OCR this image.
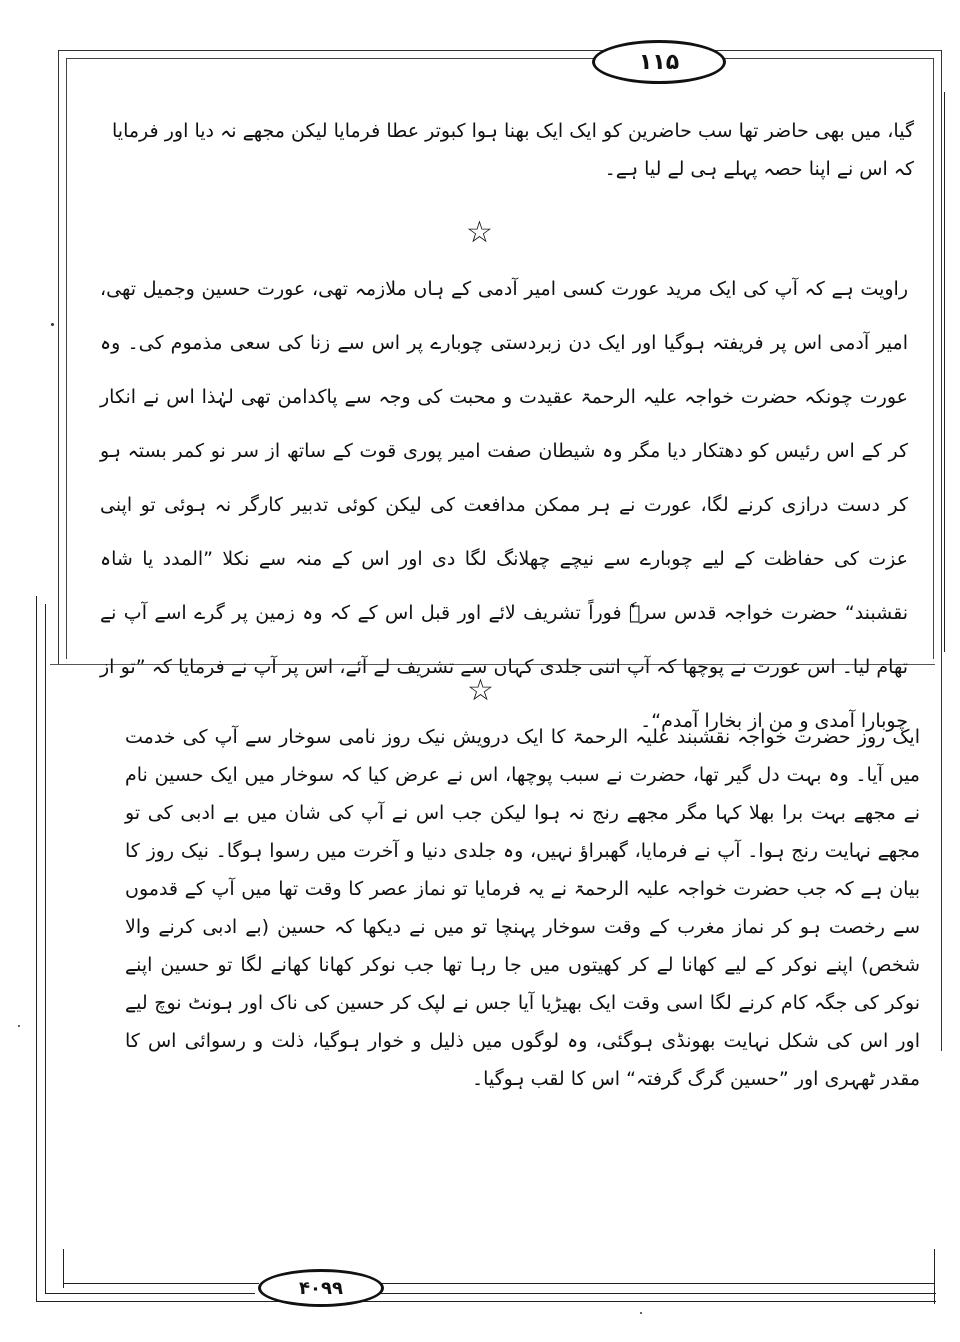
۱۱۵
گیا، میں بھی حاضر تھا سب حاضرین کو ایک ایک بھنا ہوا کبوتر عطا فرمایا لیکن مجھے نہ دیا اور فرمایا کہ اس نے اپنا حصہ پہلے ہی لے لیا ہے۔
☆
راویت ہے کہ آپ کی ایک مرید عورت کسی امیر آدمی کے ہاں ملازمہ تھی، عورت حسین وجمیل تھی، امیر آدمی اس پر فریفتہ ہوگیا اور ایک دن زبردستی چوبارے پر اس سے زنا کی سعی مذموم کی۔ وہ عورت چونکہ حضرت خواجہ علیہ الرحمۃ عقیدت و محبت کی وجہ سے پاکدامن تھی لہٰذا اس نے انکار کر کے اس رئیس کو دھتکار دیا مگر وہ شیطان صفت امیر پوری قوت کے ساتھ از سر نو کمر بستہ ہو کر دست درازی کرنے لگا، عورت نے ہر ممکن مدافعت کی لیکن کوئی تدبیر کارگر نہ ہوئی تو اپنی عزت کی حفاظت کے لیے چوبارے سے نیچے چھلانگ لگا دی اور اس کے منہ سے نکلا ”المدد یا شاہ نقشبند“ حضرت خواجہ قدس سرہٗ فوراً تشریف لائے اور قبل اس کے کہ وہ زمین پر گرے اسے آپ نے تھام لیا۔ اس عورت نے پوچھا کہ آپ اتنی جلدی کہاں سے تشریف لے آئے، اس پر آپ نے فرمایا کہ ”تو از چوبارا آمدی و من از بخارا آمدم“۔
☆
ایک روز حضرت خواجہ نقشبند علیہ الرحمۃ کا ایک درویش نیک روز نامی سوخار سے آپ کی خدمت میں آیا۔ وہ بہت دل گیر تھا، حضرت نے سبب پوچھا، اس نے عرض کیا کہ سوخار میں ایک حسین نام نے مجھے بہت برا بھلا کہا مگر مجھے رنج نہ ہوا لیکن جب اس نے آپ کی شان میں بے ادبی کی تو مجھے نہایت رنج ہوا۔ آپ نے فرمایا، گھبراؤ نہیں، وہ جلدی دنیا و آخرت میں رسوا ہوگا۔ نیک روز کا بیان ہے کہ جب حضرت خواجہ علیہ الرحمۃ نے یہ فرمایا تو نماز عصر کا وقت تھا میں آپ کے قدموں سے رخصت ہو کر نماز مغرب کے وقت سوخار پہنچا تو میں نے دیکھا کہ حسین (بے ادبی کرنے والا شخص) اپنے نوکر کے لیے کھانا لے کر کھیتوں میں جا رہا تھا جب نوکر کھانا کھانے لگا تو حسین اپنے نوکر کی جگہ کام کرنے لگا اسی وقت ایک بھیڑیا آیا جس نے لپک کر حسین کی ناک اور ہونٹ نوچ لیے اور اس کی شکل نہایت بھونڈی ہوگئی، وہ لوگوں میں ذلیل و خوار ہوگیا، ذلت و رسوائی اس کا مقدر ٹھہری اور ”حسین گرگ گرفتہ“ اس کا لقب ہوگیا۔
۴۰۹۹
